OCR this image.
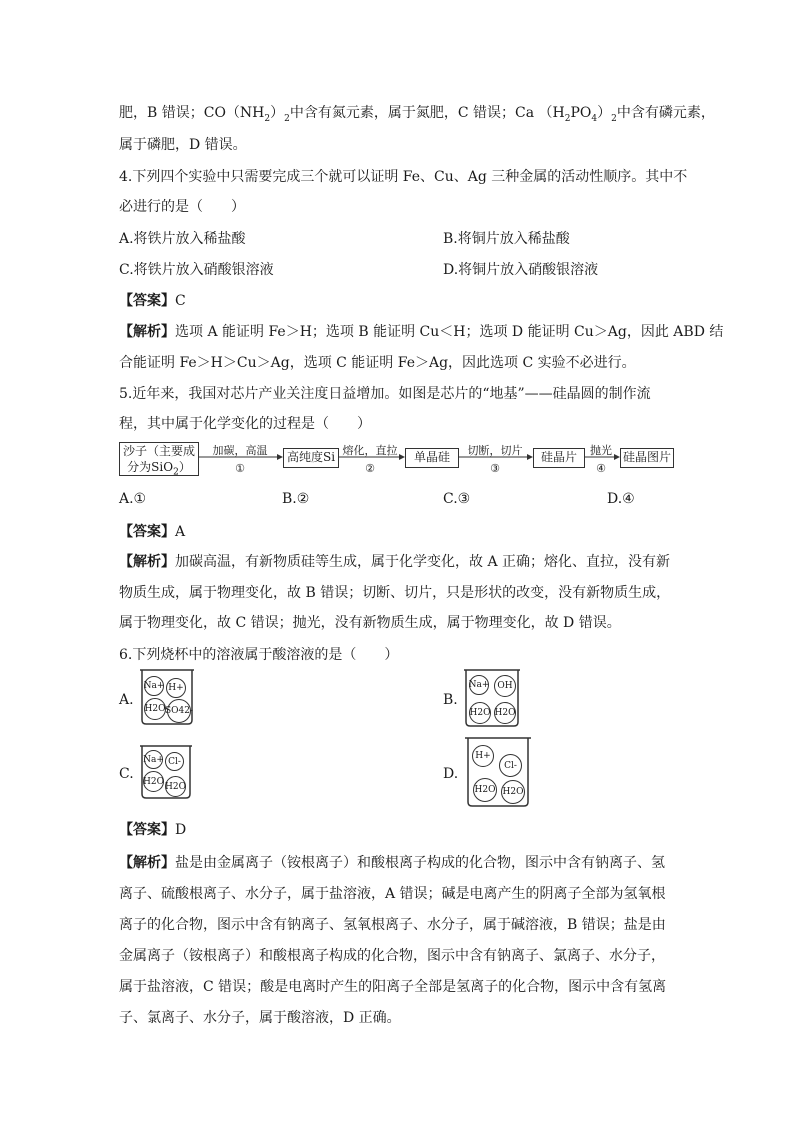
肥，B 错误；$CO(NH_2)_2$中含有氮元素，属于氮肥，C 错误；Ca $(H_2PO_4)_2$中含有磷元素，
属于磷肥，D 错误。
4.下列四个实验中只需要完成三个就可以证明 Fe、Cu、Ag 三种金属的活动性顺序。其中不
必进行的是（　　）
A.将铁片放入稀盐酸	B.将铜片放入稀盐酸
C.将铁片放入硝酸银溶液	D.将铜片放入硝酸银溶液
【答案】C
【解析】选项 A 能证明 Fe＞H；选项 B 能证明 Cu＜H；选项 D 能证明 Cu＞Ag，因此 ABD 结
合能证明 Fe＞H＞Cu＞Ag，选项 C 能证明 Fe＞Ag，因此选项 C 实验不必进行。
5.近年来，我国对芯片产业关注度日益增加。如图是芯片的“地基”——硅晶圆的制作流
程，其中属于化学变化的过程是（　　）
沙子（主要成
分为SiO$_2$）
高纯度Si	单晶硅	硅晶片	硅晶图片
加碳，高温
①
熔化，直拉
②
切断，切片
③
抛光
④
A.①	B.②	C.③	D.④
【答案】A
【解析】加碳高温，有新物质硅等生成，属于化学变化，故 A 正确；熔化、直拉，没有新
物质生成，属于物理变化，故 B 错误；切断、切片，只是形状的改变，没有新物质生成，
属于物理变化，故 C 错误；抛光，没有新物质生成，属于物理变化，故 D 错误。
6.下列烧杯中的溶液属于酸溶液的是（　　）
A.
Na + H +
H 2 O SO 4 2-
B.
Na + OH
H 2 O H 2 O
C.
Na + Cl -
H 2 O H 2 O
D.
H +
Cl -
H 2 O H 2 O
【答案】D
【解析】盐是由金属离子（铵根离子）和酸根离子构成的化合物，图示中含有钠离子、氢
离子、硫酸根离子、水分子，属于盐溶液，A 错误；碱是电离产生的阴离子全部为氢氧根
离子的化合物，图示中含有钠离子、氢氧根离子、水分子，属于碱溶液，B 错误；盐是由
金属离子（铵根离子）和酸根离子构成的化合物，图示中含有钠离子、氯离子、水分子，
属于盐溶液，C 错误；酸是电离时产生的阳离子全部是氢离子的化合物，图示中含有氢离
子、氯离子、水分子，属于酸溶液，D 正确。
